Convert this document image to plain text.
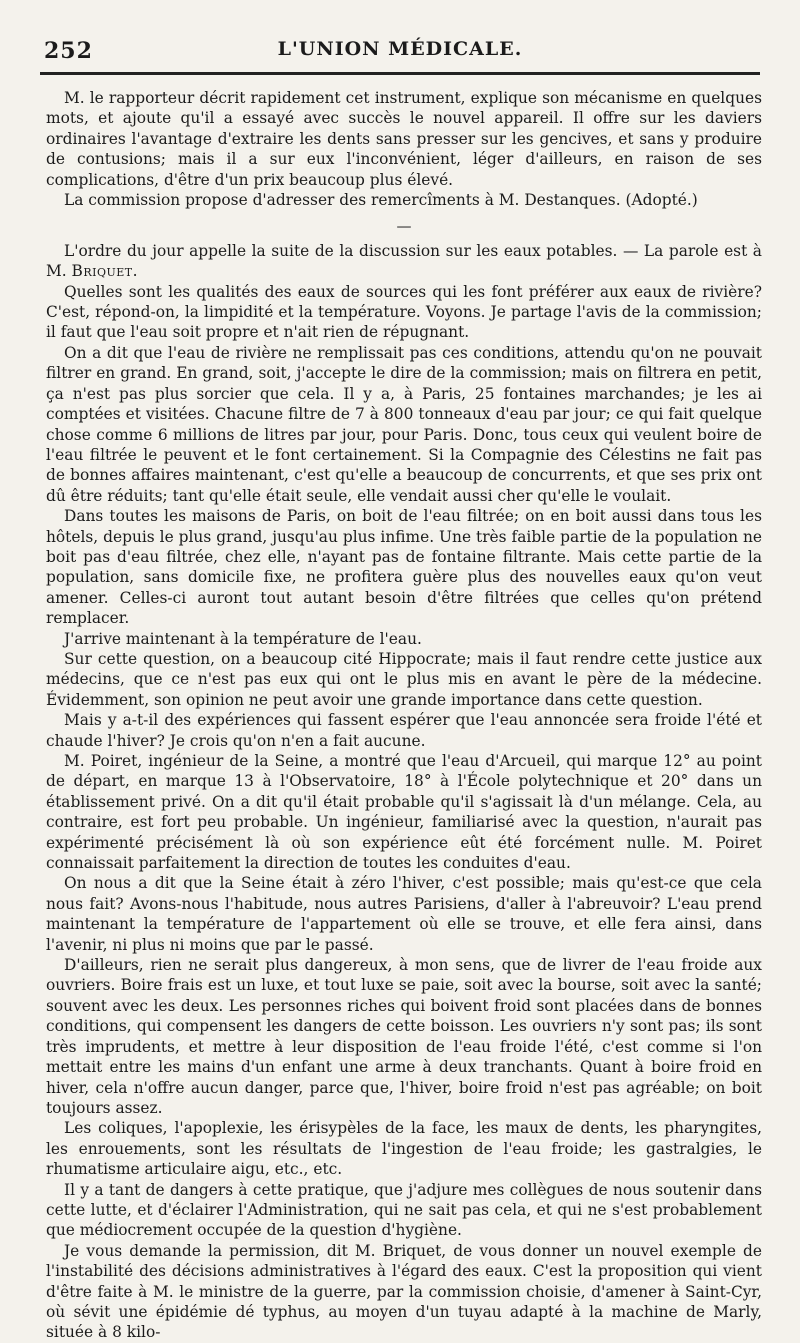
252	L'UNION MÉDICALE.

M. le rapporteur décrit rapidement cet instrument, explique son mécanisme en quelques mots, et ajoute qu'il a essayé avec succès le nouvel appareil. Il offre sur les daviers ordinaires l'avantage d'extraire les dents sans presser sur les gencives, et sans y produire de contusions; mais il a sur eux l'inconvénient, léger d'ailleurs, en raison de ses complications, d'être d'un prix beaucoup plus élevé.

La commission propose d'adresser des remercîments à M. Destanques. (Adopté.)

—

L'ordre du jour appelle la suite de la discussion sur les eaux potables. — La parole est à M. Briquet.

Quelles sont les qualités des eaux de sources qui les font préférer aux eaux de rivière? C'est, répond-on, la limpidité et la température. Voyons. Je partage l'avis de la commission; il faut que l'eau soit propre et n'ait rien de répugnant.

On a dit que l'eau de rivière ne remplissait pas ces conditions, attendu qu'on ne pouvait filtrer en grand. En grand, soit, j'accepte le dire de la commission; mais on filtrera en petit, ça n'est pas plus sorcier que cela. Il y a, à Paris, 25 fontaines marchandes; je les ai comptées et visitées. Chacune filtre de 7 à 800 tonneaux d'eau par jour; ce qui fait quelque chose comme 6 millions de litres par jour, pour Paris. Donc, tous ceux qui veulent boire de l'eau filtrée le peuvent et le font certainement. Si la Compagnie des Célestins ne fait pas de bonnes affaires maintenant, c'est qu'elle a beaucoup de concurrents, et que ses prix ont dû être réduits; tant qu'elle était seule, elle vendait aussi cher qu'elle le voulait.

Dans toutes les maisons de Paris, on boit de l'eau filtrée; on en boit aussi dans tous les hôtels, depuis le plus grand, jusqu'au plus infime. Une très faible partie de la population ne boit pas d'eau filtrée, chez elle, n'ayant pas de fontaine filtrante. Mais cette partie de la population, sans domicile fixe, ne profitera guère plus des nouvelles eaux qu'on veut amener. Celles-ci auront tout autant besoin d'être filtrées que celles qu'on prétend remplacer.

J'arrive maintenant à la température de l'eau.

Sur cette question, on a beaucoup cité Hippocrate; mais il faut rendre cette justice aux médecins, que ce n'est pas eux qui ont le plus mis en avant le père de la médecine. Évidemment, son opinion ne peut avoir une grande importance dans cette question.

Mais y a-t-il des expériences qui fassent espérer que l'eau annoncée sera froide l'été et chaude l'hiver? Je crois qu'on n'en a fait aucune.

M. Poiret, ingénieur de la Seine, a montré que l'eau d'Arcueil, qui marque 12° au point de départ, en marque 13 à l'Observatoire, 18° à l'École polytechnique et 20° dans un établissement privé. On a dit qu'il était probable qu'il s'agissait là d'un mélange. Cela, au contraire, est fort peu probable. Un ingénieur, familiarisé avec la question, n'aurait pas expérimenté précisément là où son expérience eût été forcément nulle. M. Poiret connaissait parfaitement la direction de toutes les conduites d'eau.

On nous a dit que la Seine était à zéro l'hiver, c'est possible; mais qu'est-ce que cela nous fait? Avons-nous l'habitude, nous autres Parisiens, d'aller à l'abreuvoir? L'eau prend maintenant la température de l'appartement où elle se trouve, et elle fera ainsi, dans l'avenir, ni plus ni moins que par le passé.

D'ailleurs, rien ne serait plus dangereux, à mon sens, que de livrer de l'eau froide aux ouvriers. Boire frais est un luxe, et tout luxe se paie, soit avec la bourse, soit avec la santé; souvent avec les deux. Les personnes riches qui boivent froid sont placées dans de bonnes conditions, qui compensent les dangers de cette boisson. Les ouvriers n'y sont pas; ils sont très imprudents, et mettre à leur disposition de l'eau froide l'été, c'est comme si l'on mettait entre les mains d'un enfant une arme à deux tranchants. Quant à boire froid en hiver, cela n'offre aucun danger, parce que, l'hiver, boire froid n'est pas agréable; on boit toujours assez.

Les coliques, l'apoplexie, les érisypèles de la face, les maux de dents, les pharyngites, les enrouements, sont les résultats de l'ingestion de l'eau froide; les gastralgies, le rhumatisme articulaire aigu, etc., etc.

Il y a tant de dangers à cette pratique, que j'adjure mes collègues de nous soutenir dans cette lutte, et d'éclairer l'Administration, qui ne sait pas cela, et qui ne s'est probablement que médiocrement occupée de la question d'hygiène.

Je vous demande la permission, dit M. Briquet, de vous donner un nouvel exemple de l'instabilité des décisions administratives à l'égard des eaux. C'est la proposition qui vient d'être faite à M. le ministre de la guerre, par la commission choisie, d'amener à Saint-Cyr, où sévit une épidémie dé typhus, au moyen d'un tuyau adapté à la machine de Marly, située à 8 kilo-
